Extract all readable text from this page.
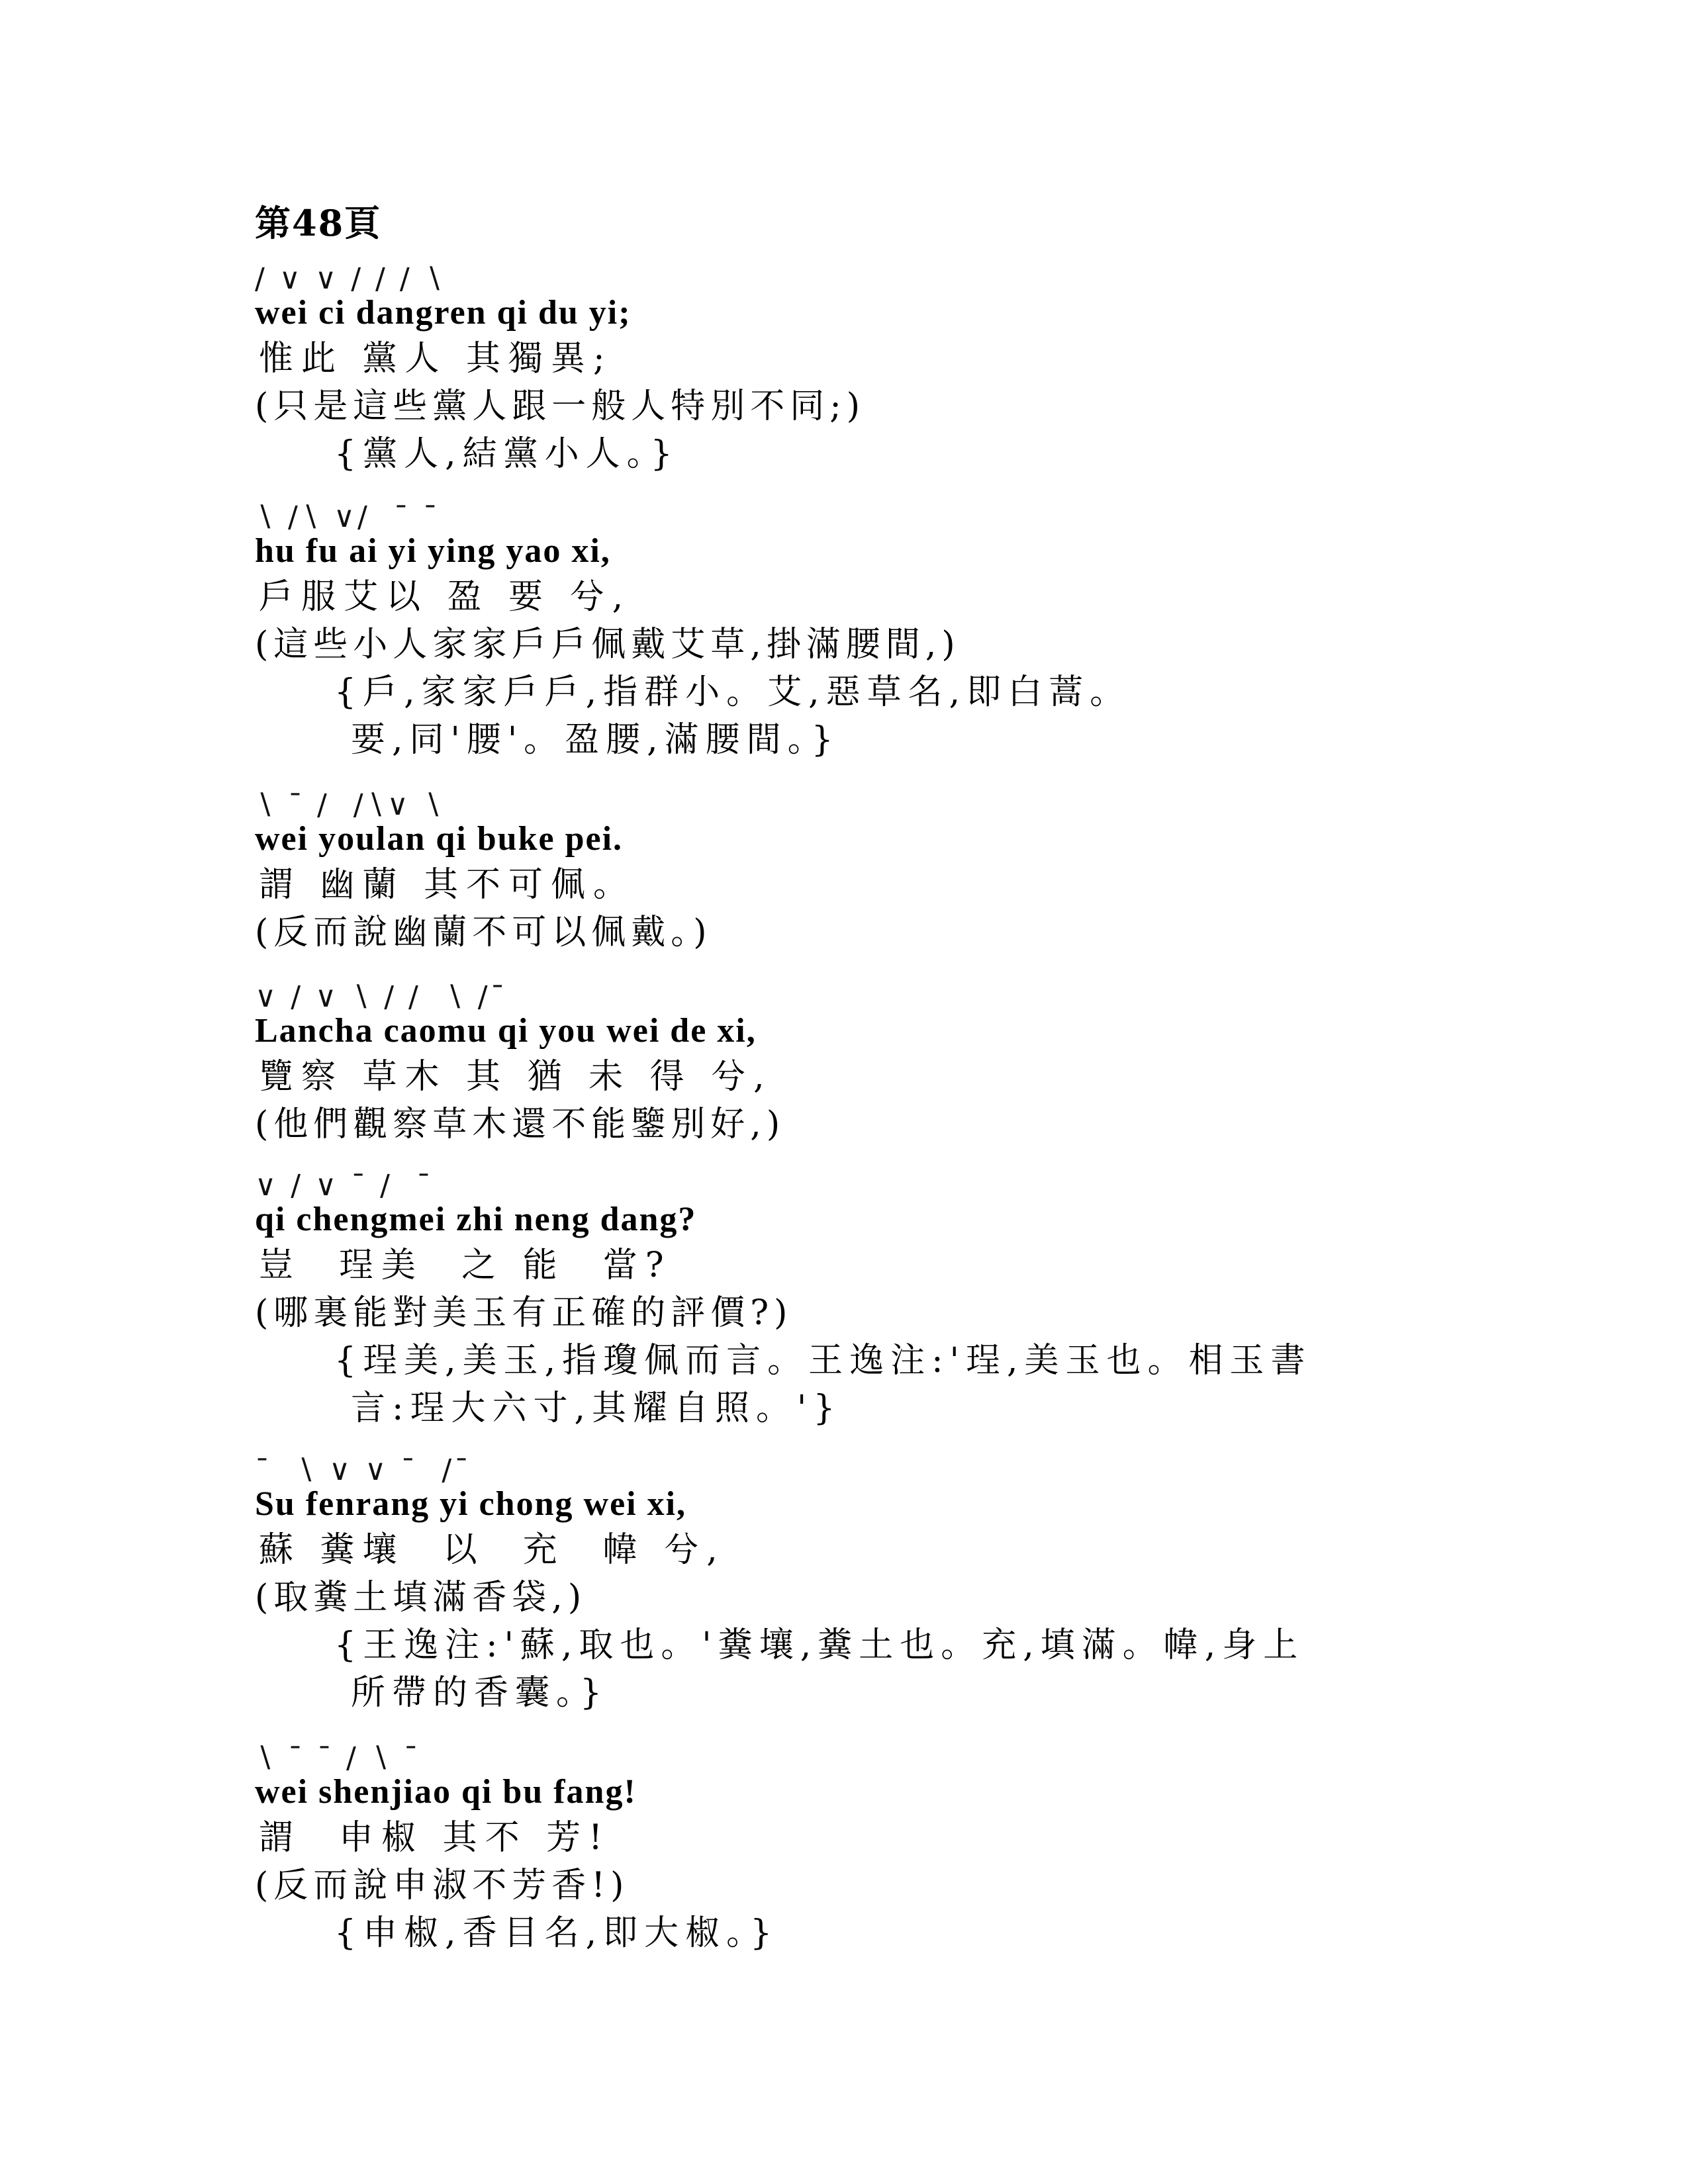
第48頁
∕ ∨ ∨ ∕ ∕ ∕ ∖
wei ci dangren qi du yi;
惟此 黨人 其獨異;
(只是這些黨人跟一般人特別不同;)
{黨人,結黨小人。}
∖ ∕∖ ∨∕  ¯ ¯
hu fu ai yi ying yao xi,
戶服艾以 盈 要 兮,
(這些小人家家戶戶佩戴艾草,掛滿腰間,)
{戶,家家戶戶,指群小。艾,惡草名,即白蒿。
要,同'腰'。盈腰,滿腰間。}
∖ ¯ ∕  ∕∖∨ ∖
wei youlan qi buke pei.
謂 幽蘭 其不可佩。
(反而說幽蘭不可以佩戴。)
∨ ∕ ∨ ∖ ∕ ∕  ∖ ∕¯
Lancha caomu qi you wei de xi,
覽察 草木 其 猶 未 得 兮,
(他們觀察草木還不能鑒別好,)
∨ ∕ ∨ ¯ ∕  ¯
qi chengmei zhi neng dang?
豈  珵美  之 能  當?
(哪裏能對美玉有正確的評價?)
{珵美,美玉,指瓊佩而言。王逸注:'珵,美玉也。相玉書
言:珵大六寸,其耀自照。'}
¯  ∖ ∨ ∨ ¯  ∕¯
Su fenrang yi chong wei xi,
蘇 糞壤  以  充  幃 兮,
(取糞土填滿香袋,)
{王逸注:'蘇,取也。'糞壤,糞土也。充,填滿。幃,身上
所帶的香囊。}
∖ ¯ ¯ ∕ ∖ ¯
wei shenjiao qi bu fang!
謂  申椒 其不 芳!
(反而說申淑不芳香!)
{申椒,香目名,即大椒。}
